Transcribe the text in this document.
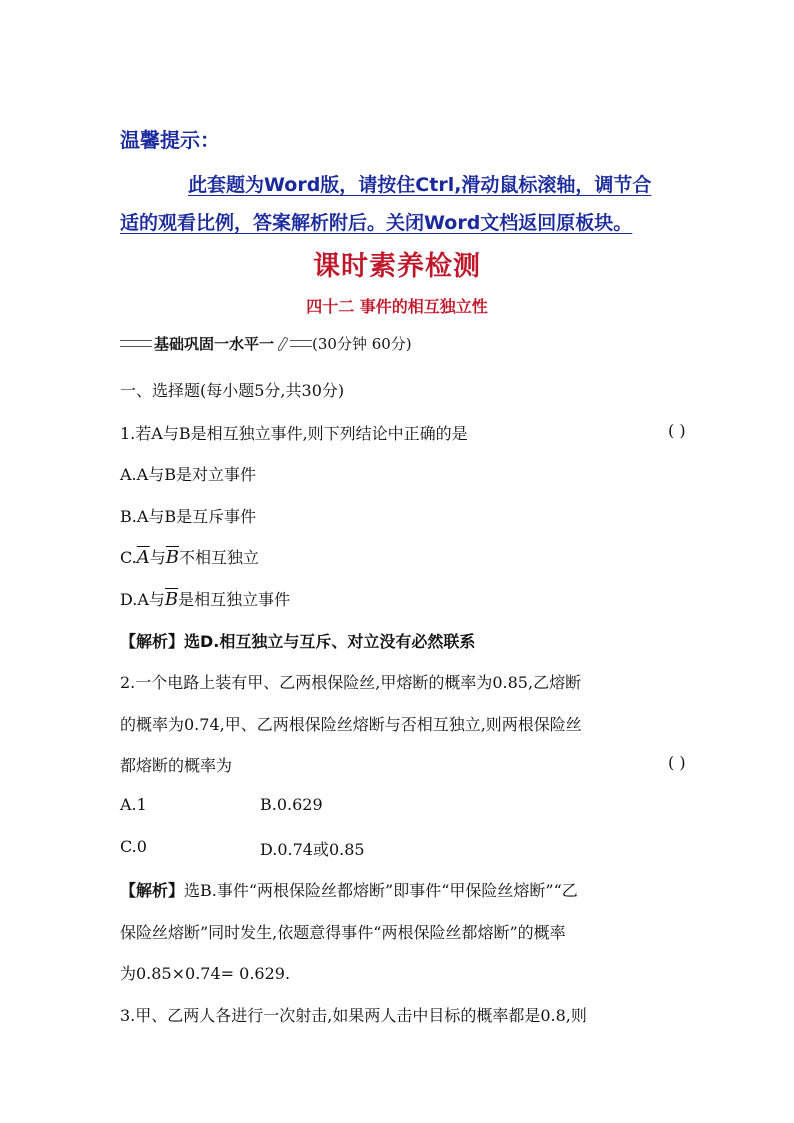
温馨提示：
此套题为Word版，请按住Ctrl,滑动鼠标滚轴，调节合
适的观看比例，答案解析附后。关闭Word文档返回原板块。
课时素养检测
四十二 事件的相互独立性
基础巩固一水平一	(30分钟 60分)
一、选择题(每小题5分,共30分)
1.若A与B是相互独立事件,则下列结论中正确的是	( )
A.A与B是对立事件
B.A与B是互斥事件
$C.\overline{A}$与$\overline{B}$不相互独立
D.A与$\overline{B}$是相互独立事件
【解析】选D.相互独立与互斥、对立没有必然联系
2.一个电路上装有甲、乙两根保险丝,甲熔断的概率为0.85,乙熔断
的概率为0.74,甲、乙两根保险丝熔断与否相互独立,则两根保险丝
都熔断的概率为	( )
A.1	B.0.629
C.0	D.0.74或0.85
【解析】选B.事件“两根保险丝都熔断”即事件“甲保险丝熔断”“乙
保险丝熔断”同时发生,依题意得事件“两根保险丝都熔断”的概率
为0.85×0.74= 0.629.
3.甲、乙两人各进行一次射击,如果两人击中目标的概率都是0.8,则
